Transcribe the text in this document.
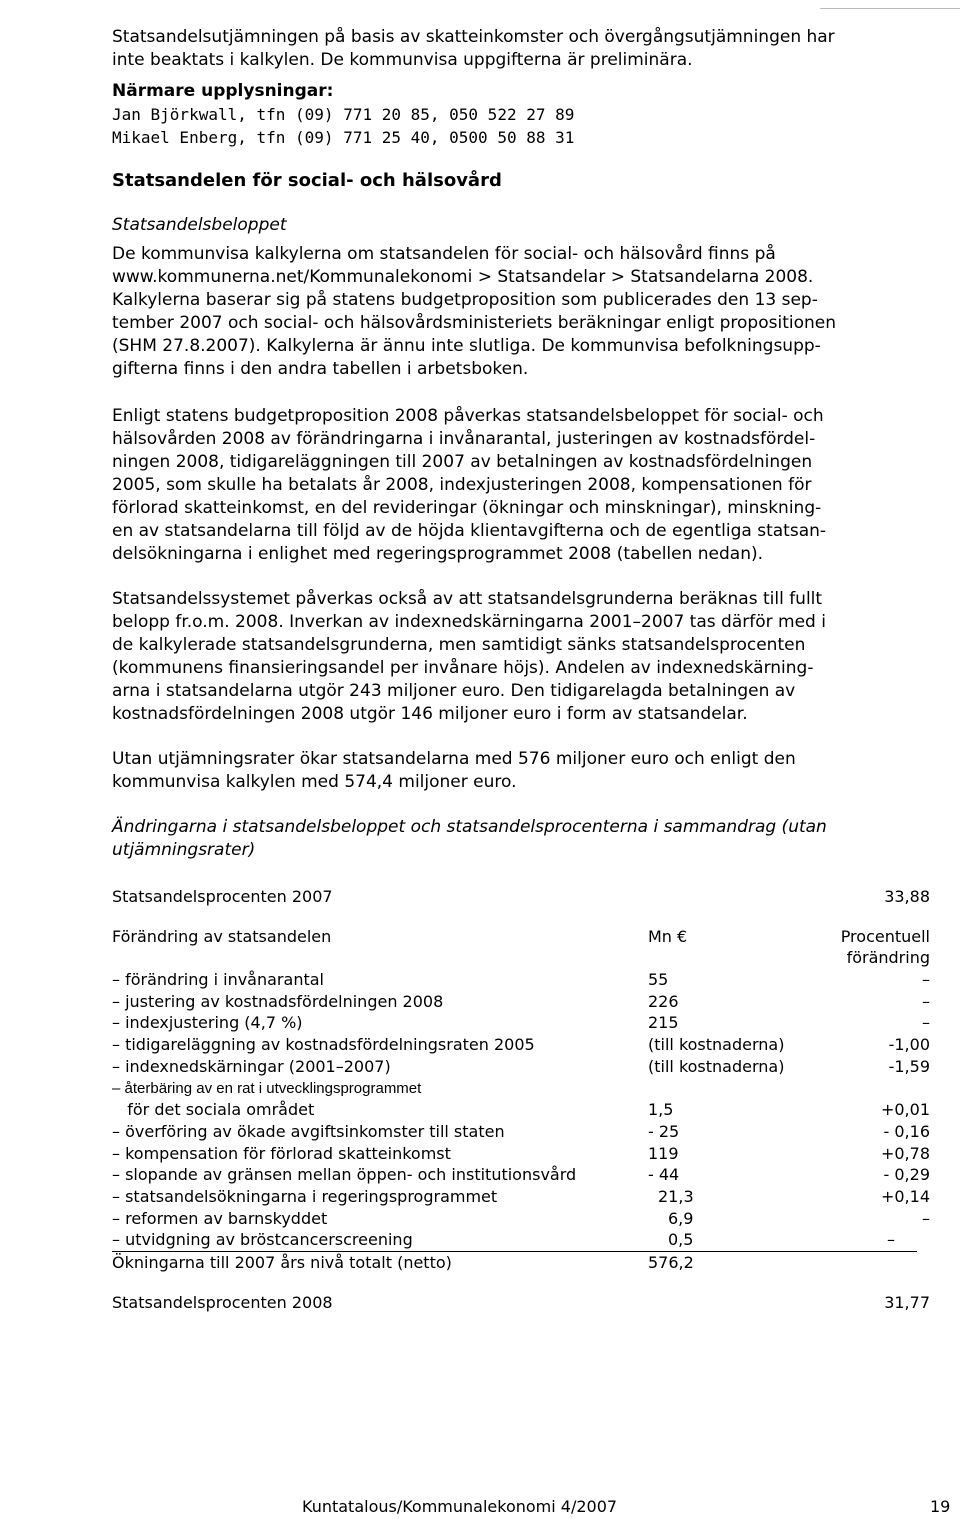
Statsandelsutjämningen på basis av skatteinkomster och övergångsutjämningen har
inte beaktats i kalkylen. De kommunvisa uppgifterna är preliminära.
Närmare upplysningar:
Jan Björkwall, tfn (09) 771 20 85, 050 522 27 89
Mikael Enberg, tfn (09) 771 25 40, 0500 50 88 31
Statsandelen för social- och hälsovård
Statsandelsbeloppet
De kommunvisa kalkylerna om statsandelen för social- och hälsovård finns på
www.kommunerna.net/Kommunalekonomi > Statsandelar > Statsandelarna 2008.
Kalkylerna baserar sig på statens budgetproposition som publicerades den 13 sep-
tember 2007 och social- och hälsovårdsministeriets beräkningar enligt propositionen
(SHM 27.8.2007). Kalkylerna är ännu inte slutliga. De kommunvisa befolkningsupp-
gifterna finns i den andra tabellen i arbetsboken.
Enligt statens budgetproposition 2008 påverkas statsandelsbeloppet för social- och
hälsovården 2008 av förändringarna i invånarantal, justeringen av kostnadsfördel-
ningen 2008, tidigareläggningen till 2007 av betalningen av kostnadsfördelningen
2005, som skulle ha betalats år 2008, indexjusteringen 2008, kompensationen för
förlorad skatteinkomst, en del revideringar (ökningar och minskningar), minskning-
en av statsandelarna till följd av de höjda klientavgifterna och de egentliga statsan-
delsökningarna i enlighet med regeringsprogrammet 2008 (tabellen nedan).
Statsandelssystemet påverkas också av att statsandelsgrunderna beräknas till fullt
belopp fr.o.m. 2008. Inverkan av indexnedskärningarna 2001–2007 tas därför med i
de kalkylerade statsandelsgrunderna, men samtidigt sänks statsandelsprocenten
(kommunens finansieringsandel per invånare höjs). Andelen av indexnedskärning-
arna i statsandelarna utgör 243 miljoner euro. Den tidigarelagda betalningen av
kostnadsfördelningen 2008 utgör 146 miljoner euro i form av statsandelar.
Utan utjämningsrater ökar statsandelarna med 576 miljoner euro och enligt den
kommunvisa kalkylen med 574,4 miljoner euro.
Ändringarna i statsandelsbeloppet och statsandelsprocenterna i sammandrag (utan
utjämningsrater)
Statsandelsprocenten 2007	33,88
Förändring av statsandelen	Mn €	Procentuell
förändring
– förändring i invånarantal	55	–
– justering av kostnadsfördelningen 2008	226	–
– indexjustering (4,7 %)	215	–
– tidigareläggning av kostnadsfördelningsraten 2005	(till kostnaderna)	-1,00
– indexnedskärningar (2001–2007)	(till kostnaderna)	-1,59
– återbäring av en rat i utvecklingsprogrammet
för det sociala området	1,5	+0,01
– överföring av ökade avgiftsinkomster till staten	- 25	- 0,16
– kompensation för förlorad skatteinkomst	119	+0,78
– slopande av gränsen mellan öppen- och institutionsvård	- 44	- 0,29
– statsandelsökningarna i regeringsprogrammet	21,3	+0,14
– reformen av barnskyddet	6,9	–
– utvidgning av bröstcancerscreening	0,5	–
Ökningarna till 2007 års nivå totalt (netto)	576,2
Statsandelsprocenten 2008	31,77
Kuntatalous/Kommunalekonomi 4/2007	19
